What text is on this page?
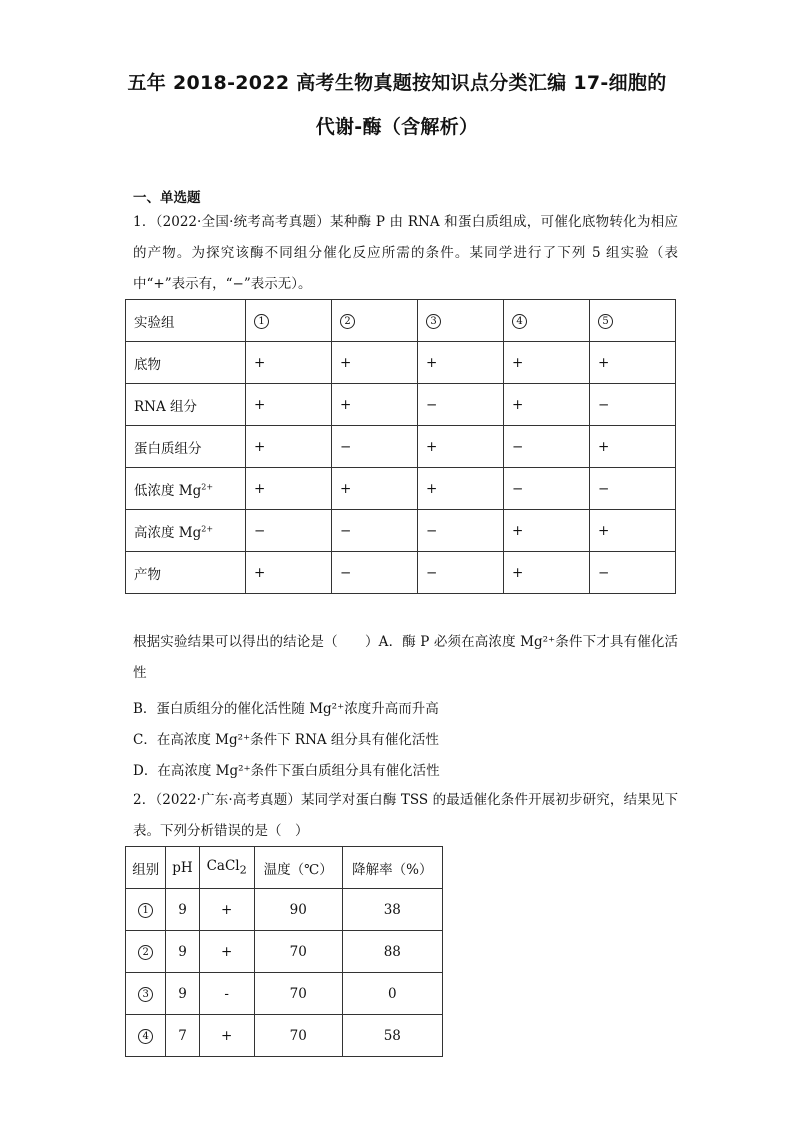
五年 2018-2022 高考生物真题按知识点分类汇编 17-细胞的
代谢-酶（含解析）
一、单选题
1．（2022·全国·统考高考真题）某种酶 P 由 RNA 和蛋白质组成，可催化底物转化为相应的产物。为探究该酶不同组分催化反应所需的条件。某同学进行了下列 5 组实验（表中“+”表示有，“−”表示无）。
实验组	1	2	3	4	5
底物	+	+	+	+	+
RNA 组分	+	+	−	+	−
蛋白质组分	+	−	+	−	+
低浓度 $Mg^{2+}$	+	+	+	−	−
高浓度 $Mg^{2+}$	−	−	−	+	+
产物	+	−	−	+	−
根据实验结果可以得出的结论是（　　）A．酶 P 必须在高浓度 Mg²⁺条件下才具有催化活性
B．蛋白质组分的催化活性随 Mg²⁺浓度升高而升高
C．在高浓度 Mg²⁺条件下 RNA 组分具有催化活性
D．在高浓度 Mg²⁺条件下蛋白质组分具有催化活性
2．（2022·广东·高考真题）某同学对蛋白酶 TSS 的最适催化条件开展初步研究，结果见下表。下列分析错误的是（　）
组别	pH	CaCl$_2$	温度（℃）	降解率（%）
1	9	+	90	38
2	9	+	70	88
3	9	-	70	0
4	7	+	70	58
